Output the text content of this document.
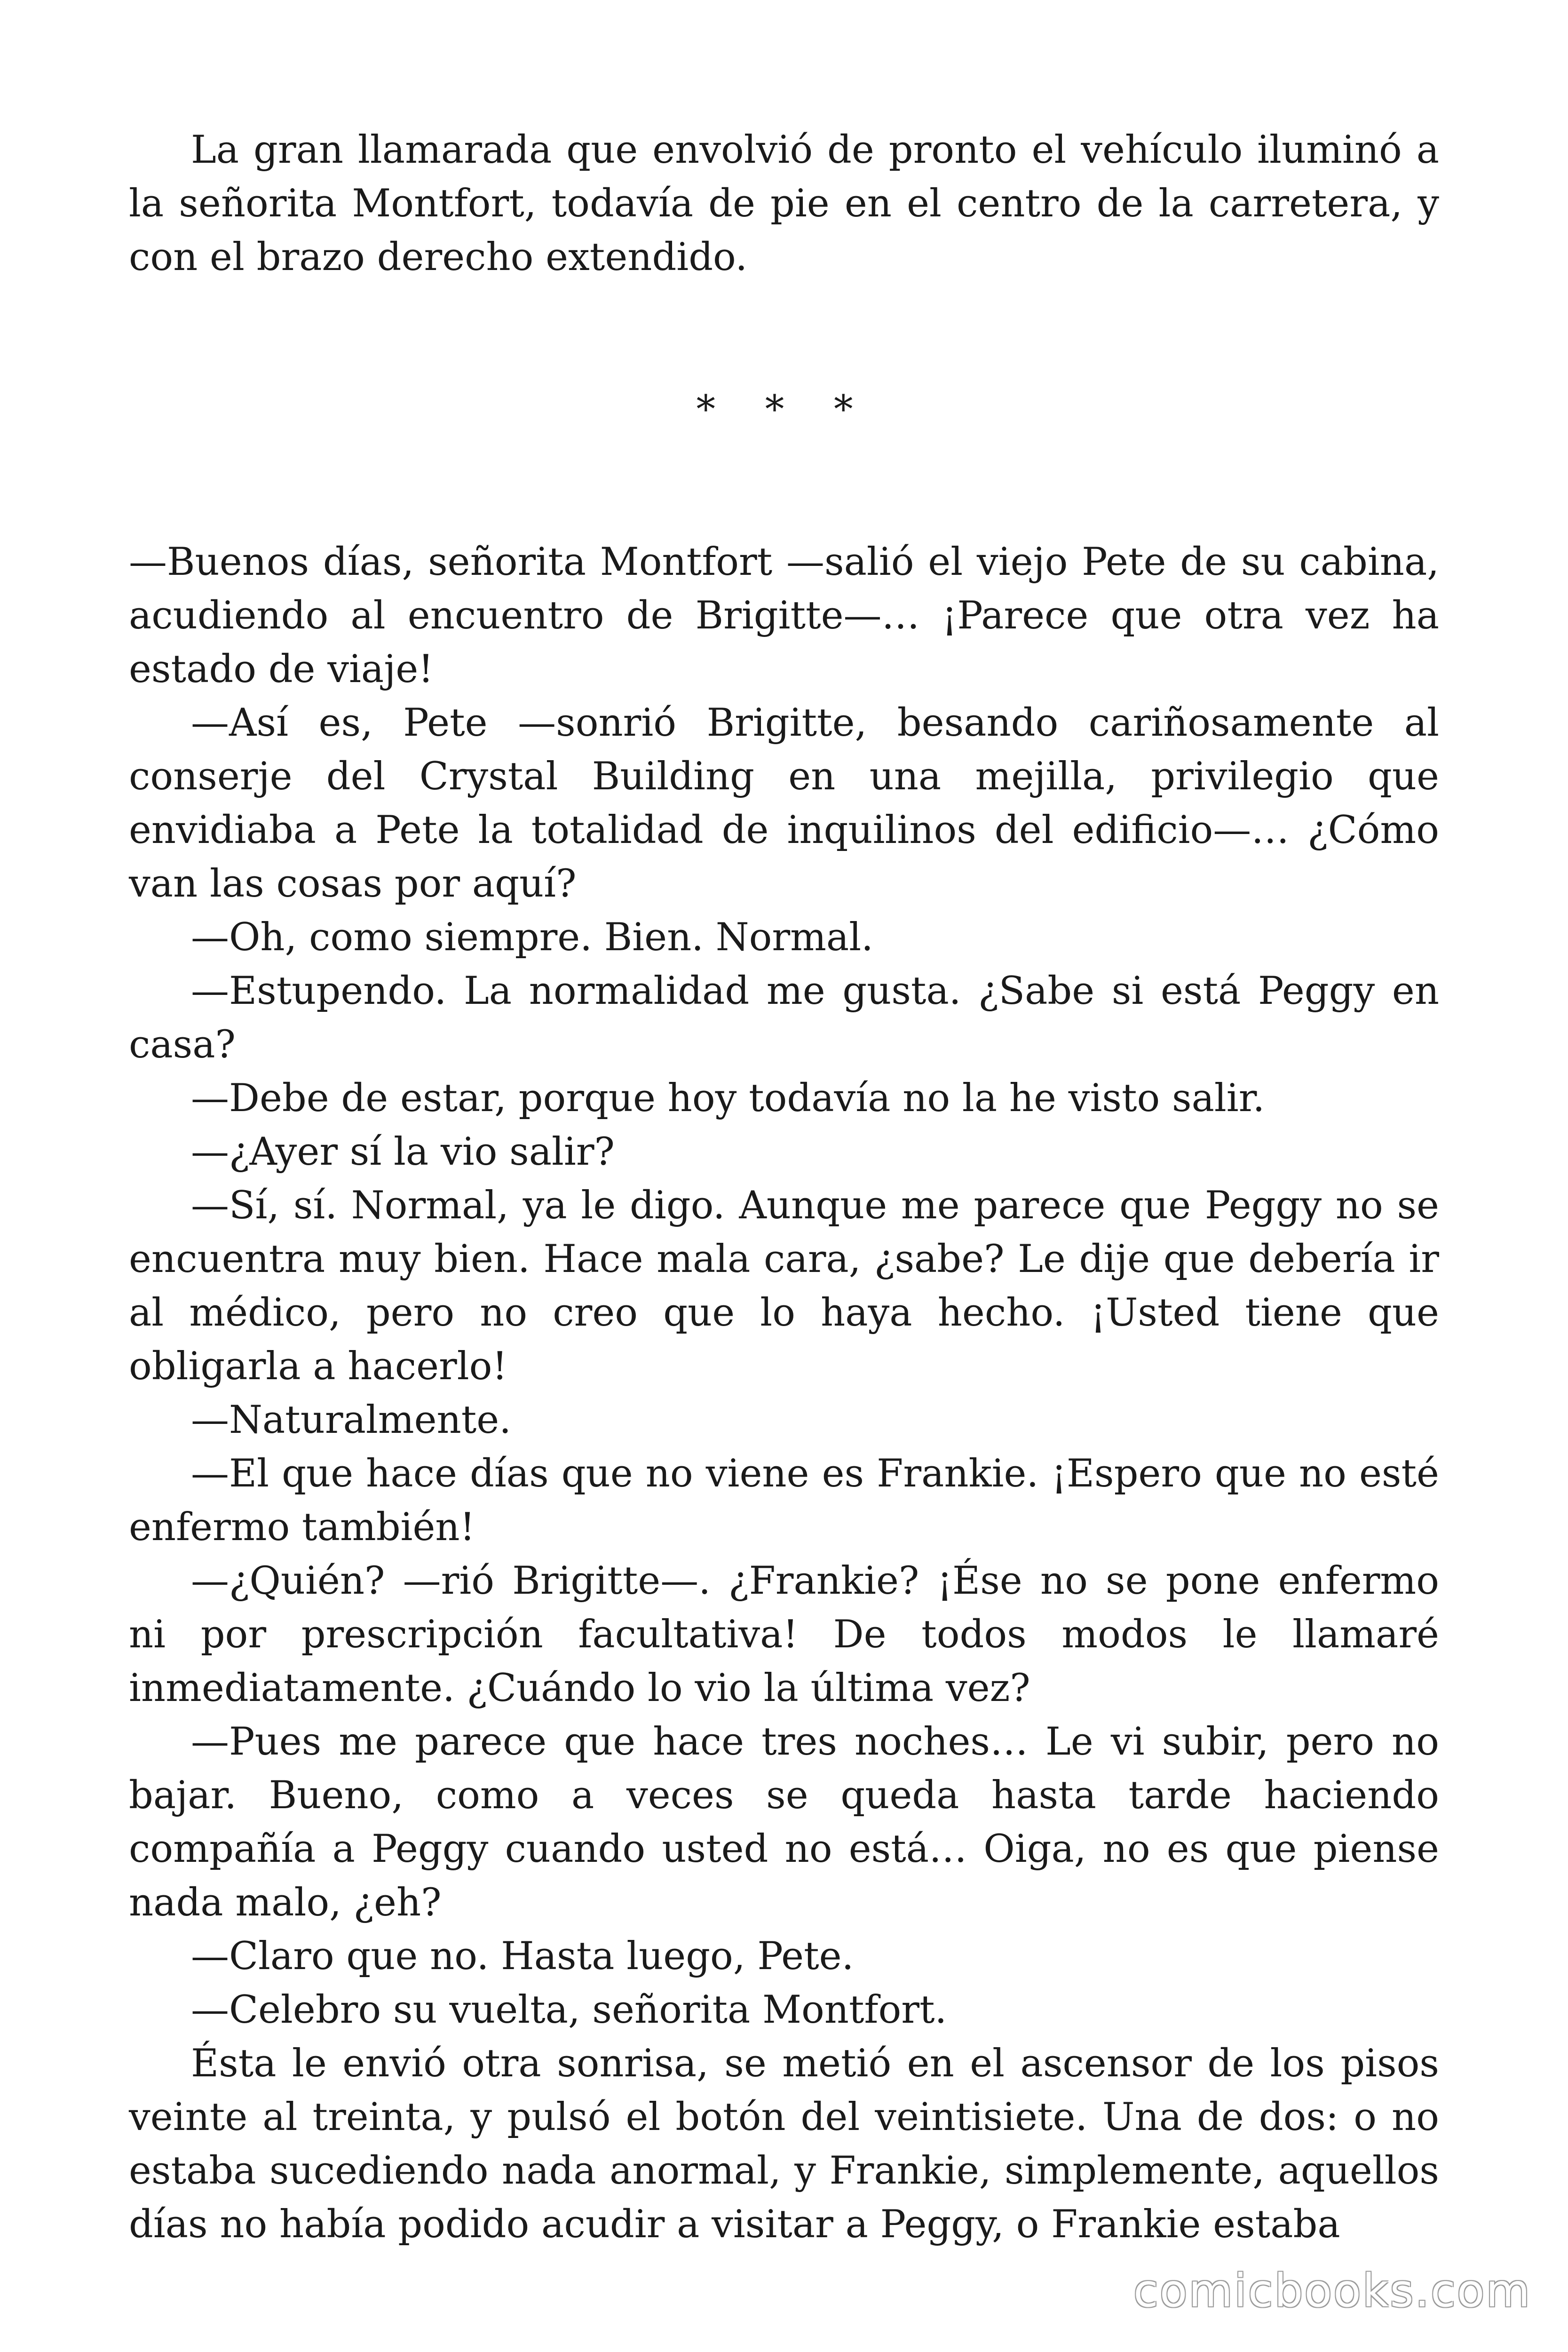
La gran llamarada que envolvió de pronto el vehículo iluminó a la señorita Montfort, todavía de pie en el centro de la carretera, y con el brazo derecho extendido.

* * *

—Buenos días, señorita Montfort —salió el viejo Pete de su cabina, acudiendo al encuentro de Brigitte—… ¡Parece que otra vez ha estado de viaje!

—Así es, Pete —sonrió Brigitte, besando cariñosamente al conserje del Crystal Building en una mejilla, privilegio que envidiaba a Pete la totalidad de inquilinos del edificio—… ¿Cómo van las cosas por aquí?

—Oh, como siempre. Bien. Normal.

—Estupendo. La normalidad me gusta. ¿Sabe si está Peggy en casa?

—Debe de estar, porque hoy todavía no la he visto salir.

—¿Ayer sí la vio salir?

—Sí, sí. Normal, ya le digo. Aunque me parece que Peggy no se encuentra muy bien. Hace mala cara, ¿sabe? Le dije que debería ir al médico, pero no creo que lo haya hecho. ¡Usted tiene que obligarla a hacerlo!

—Naturalmente.

—El que hace días que no viene es Frankie. ¡Espero que no esté enfermo también!

—¿Quién? —rió Brigitte—. ¿Frankie? ¡Ése no se pone enfermo ni por prescripción facultativa! De todos modos le llamaré inmediatamente. ¿Cuándo lo vio la última vez?

—Pues me parece que hace tres noches… Le vi subir, pero no bajar. Bueno, como a veces se queda hasta tarde haciendo compañía a Peggy cuando usted no está… Oiga, no es que piense nada malo, ¿eh?

—Claro que no. Hasta luego, Pete.

—Celebro su vuelta, señorita Montfort.

Ésta le envió otra sonrisa, se metió en el ascensor de los pisos veinte al treinta, y pulsó el botón del veintisiete. Una de dos: o no estaba sucediendo nada anormal, y Frankie, simplemente, aquellos días no había podido acudir a visitar a Peggy, o Frankie estaba

comicbooks.com
